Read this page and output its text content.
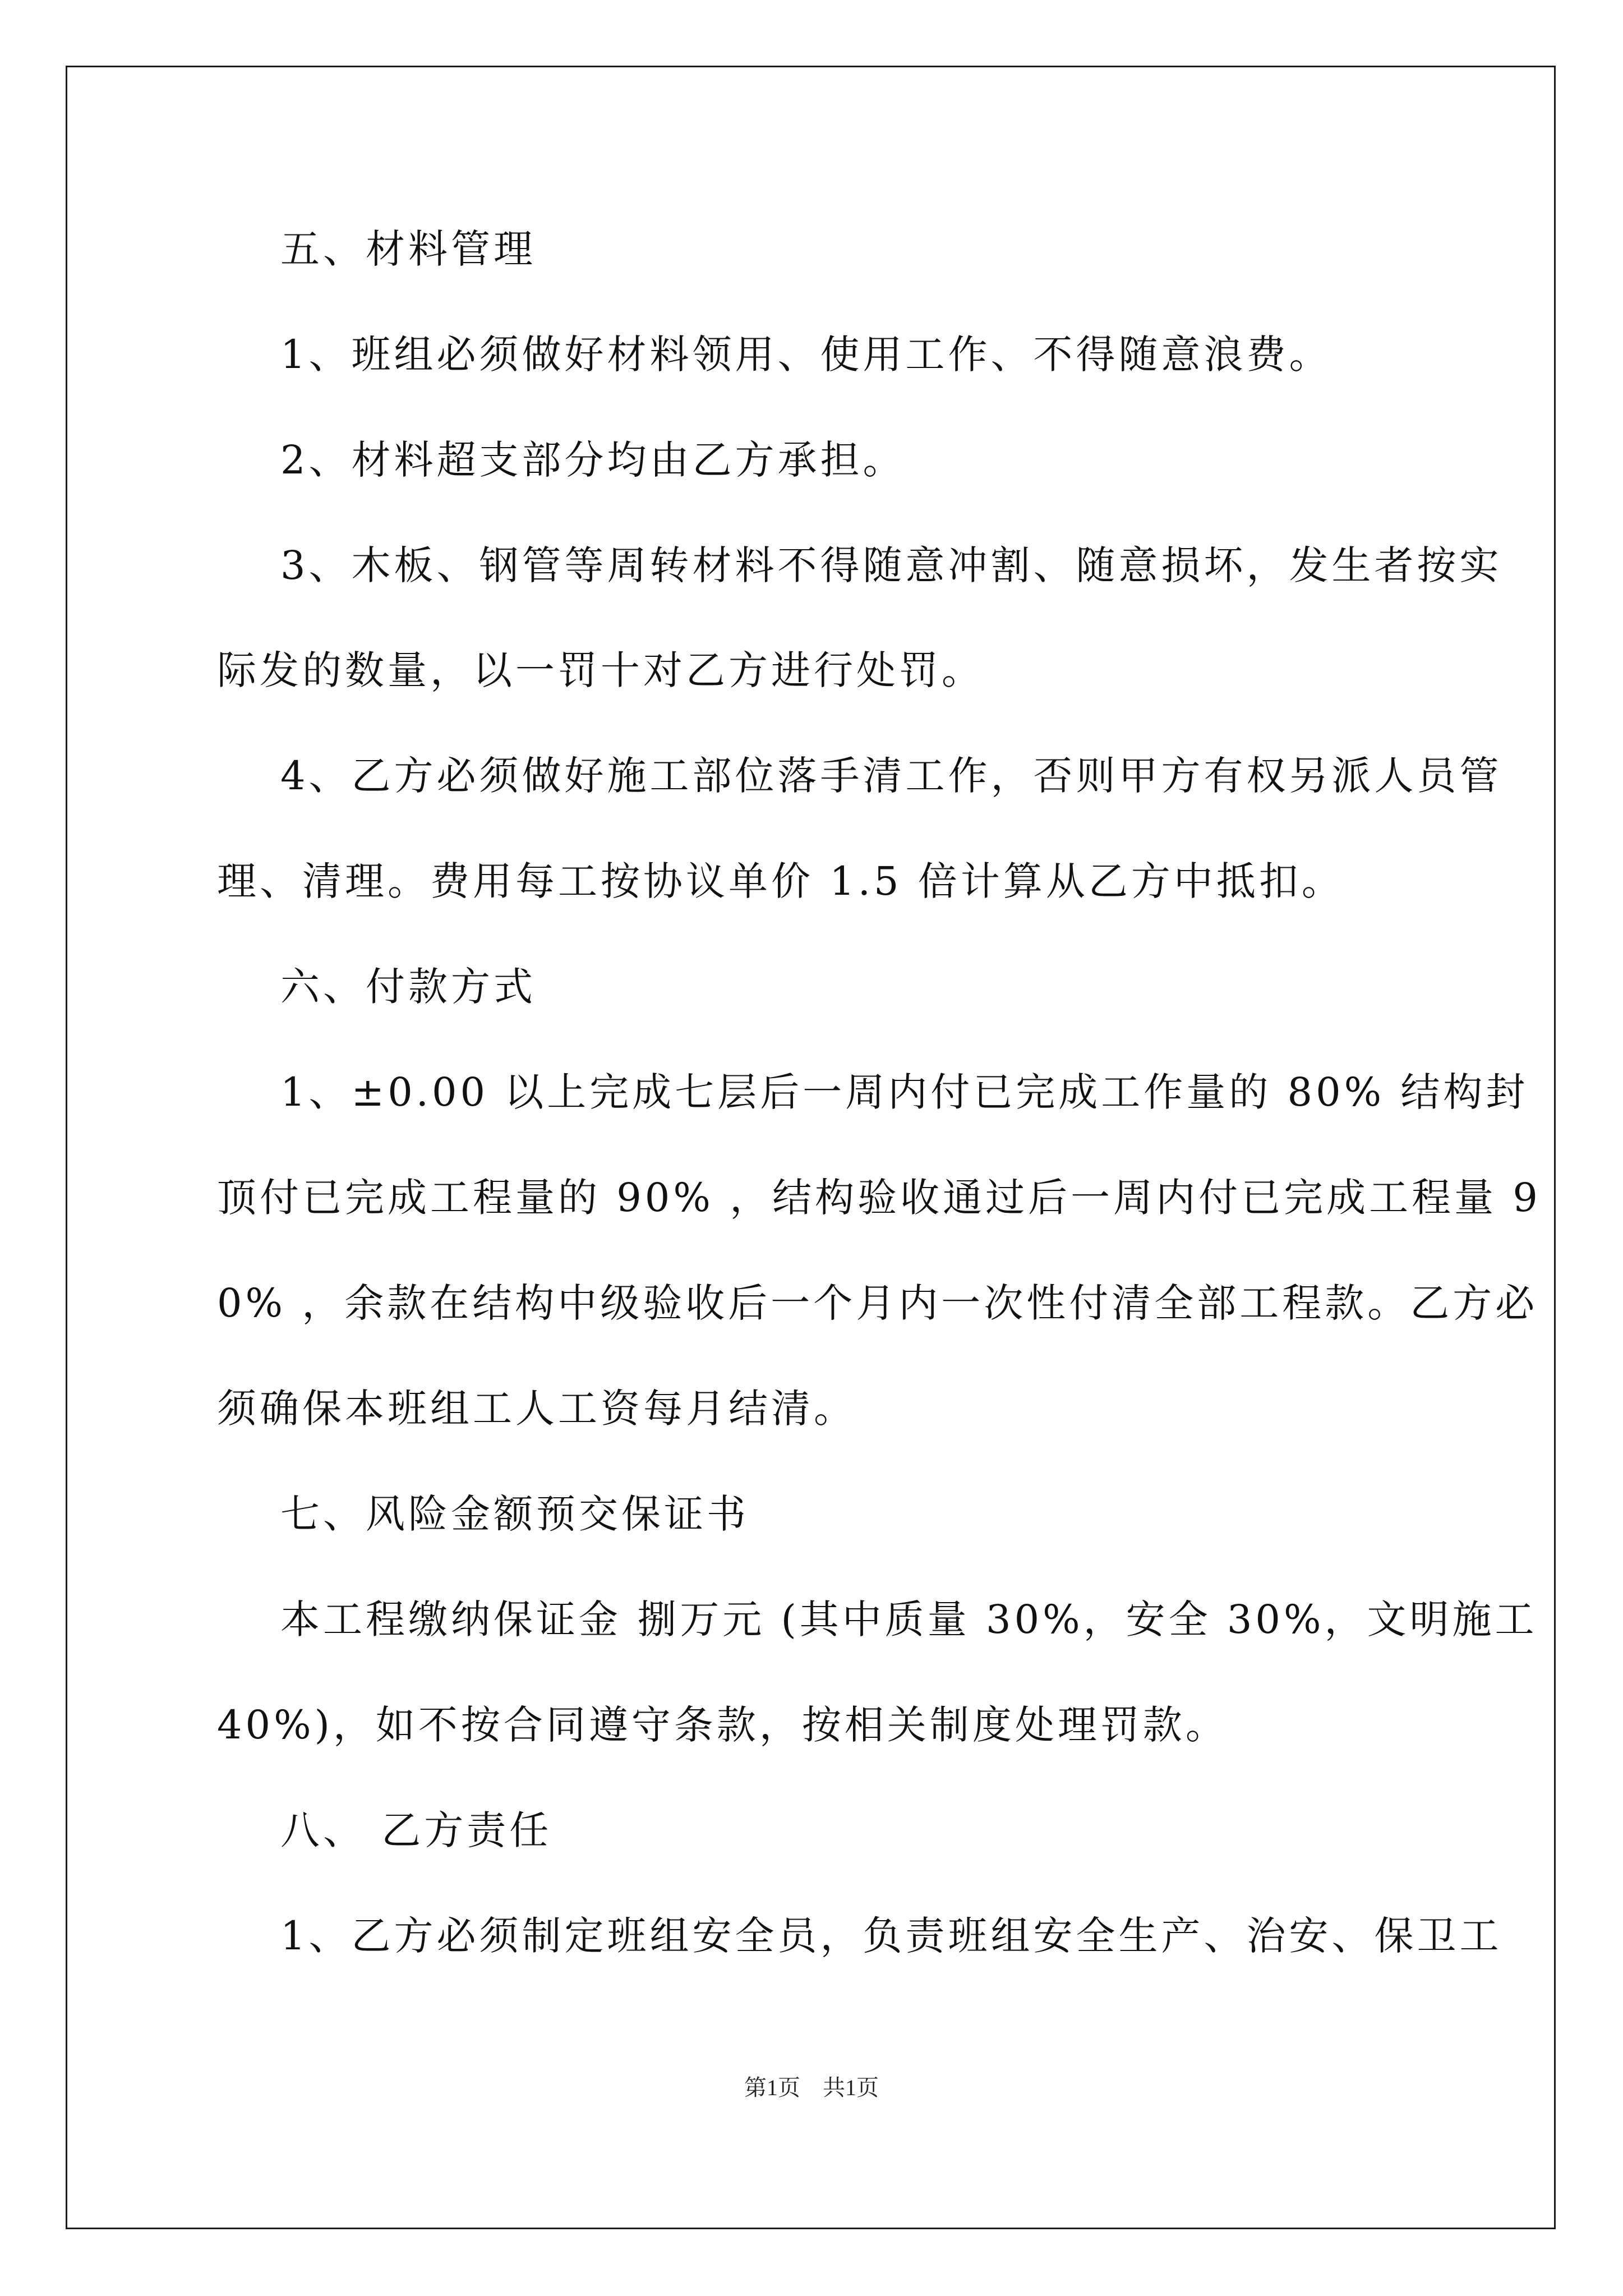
五、材料管理
1、班组必须做好材料领用、使用工作、不得随意浪费。
2、材料超支部分均由乙方承担。
3、木板、钢管等周转材料不得随意冲割、随意损坏，发生者按实
际发的数量，以一罚十对乙方进行处罚。
4、乙方必须做好施工部位落手清工作，否则甲方有权另派人员管
理、清理。费用每工按协议单价 1.5 倍计算从乙方中抵扣。
六、付款方式
1、±0.00 以上完成七层后一周内付已完成工作量的 80% 结构封
顶付已完成工程量的 90% ，结构验收通过后一周内付已完成工程量 9
0% ，余款在结构中级验收后一个月内一次性付清全部工程款。乙方必
须确保本班组工人工资每月结清。
七、风险金额预交保证书
本工程缴纳保证金 捌万元 (其中质量 30%，安全 30%，文明施工
40%)，如不按合同遵守条款，按相关制度处理罚款。
八、 乙方责任
1、乙方必须制定班组安全员，负责班组安全生产、治安、保卫工
第1页　共1页
